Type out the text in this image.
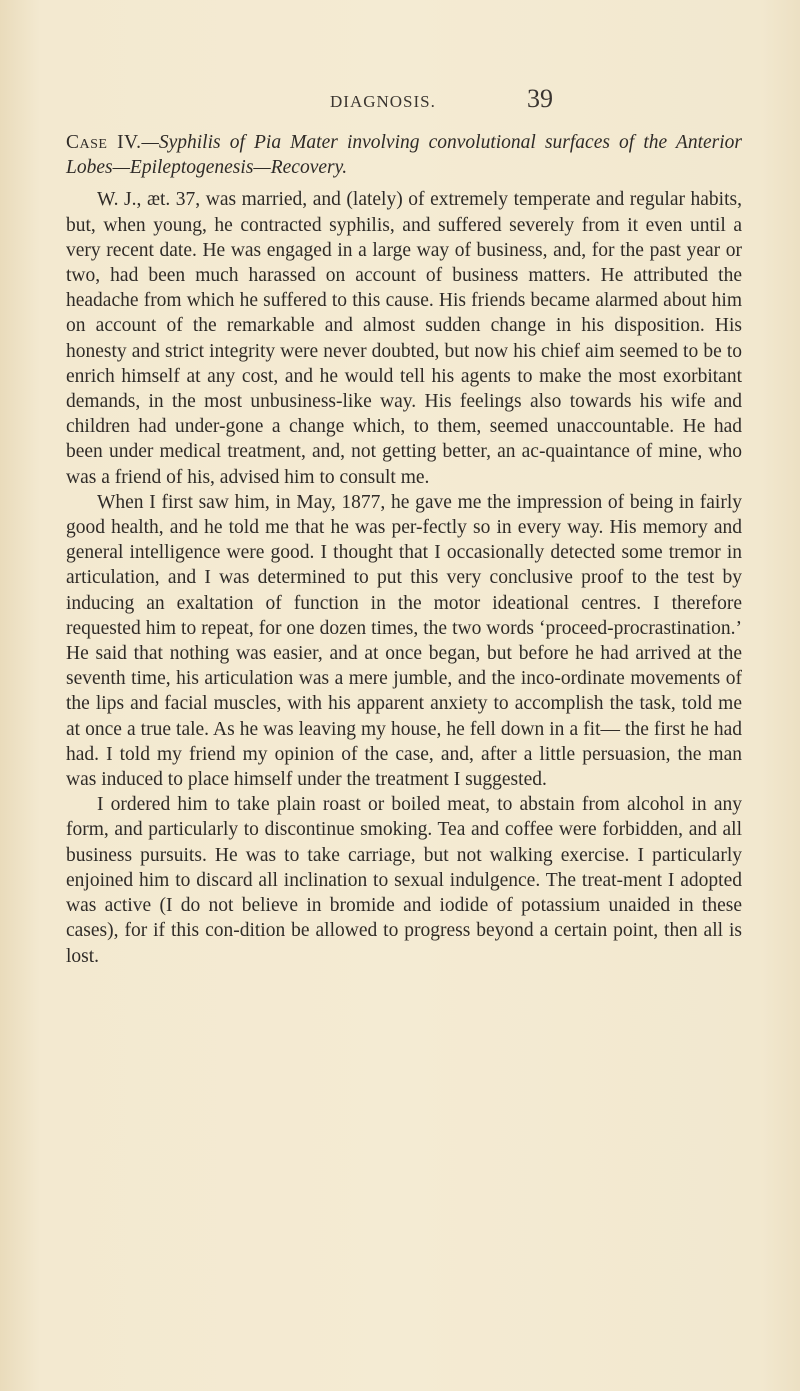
DIAGNOSIS.	39

Case IV.—Syphilis of Pia Mater involving convolutional surfaces of the Anterior Lobes—Epileptogenesis—Recovery.

W. J., æt. 37, was married, and (lately) of extremely temperate and regular habits, but, when young, he contracted syphilis, and suffered severely from it even until a very recent date. He was engaged in a large way of business, and, for the past year or two, had been much harassed on account of business matters. He attributed the headache from which he suffered to this cause. His friends became alarmed about him on account of the remarkable and almost sudden change in his disposition. His honesty and strict integrity were never doubted, but now his chief aim seemed to be to enrich himself at any cost, and he would tell his agents to make the most exorbitant demands, in the most unbusiness-like way. His feelings also towards his wife and children had under-gone a change which, to them, seemed unaccountable. He had been under medical treatment, and, not getting better, an ac-quaintance of mine, who was a friend of his, advised him to consult me.

When I first saw him, in May, 1877, he gave me the impression of being in fairly good health, and he told me that he was per-fectly so in every way. His memory and general intelligence were good. I thought that I occasionally detected some tremor in articulation, and I was determined to put this very conclusive proof to the test by inducing an exaltation of function in the motor ideational centres. I therefore requested him to repeat, for one dozen times, the two words ‘proceed-procrastination.’ He said that nothing was easier, and at once began, but before he had arrived at the seventh time, his articulation was a mere jumble, and the inco-ordinate movements of the lips and facial muscles, with his apparent anxiety to accomplish the task, told me at once a true tale. As he was leaving my house, he fell down in a fit— the first he had had. I told my friend my opinion of the case, and, after a little persuasion, the man was induced to place himself under the treatment I suggested.

I ordered him to take plain roast or boiled meat, to abstain from alcohol in any form, and particularly to discontinue smoking. Tea and coffee were forbidden, and all business pursuits. He was to take carriage, but not walking exercise. I particularly enjoined him to discard all inclination to sexual indulgence. The treat-ment I adopted was active (I do not believe in bromide and iodide of potassium unaided in these cases), for if this con-dition be allowed to progress beyond a certain point, then all is lost.
